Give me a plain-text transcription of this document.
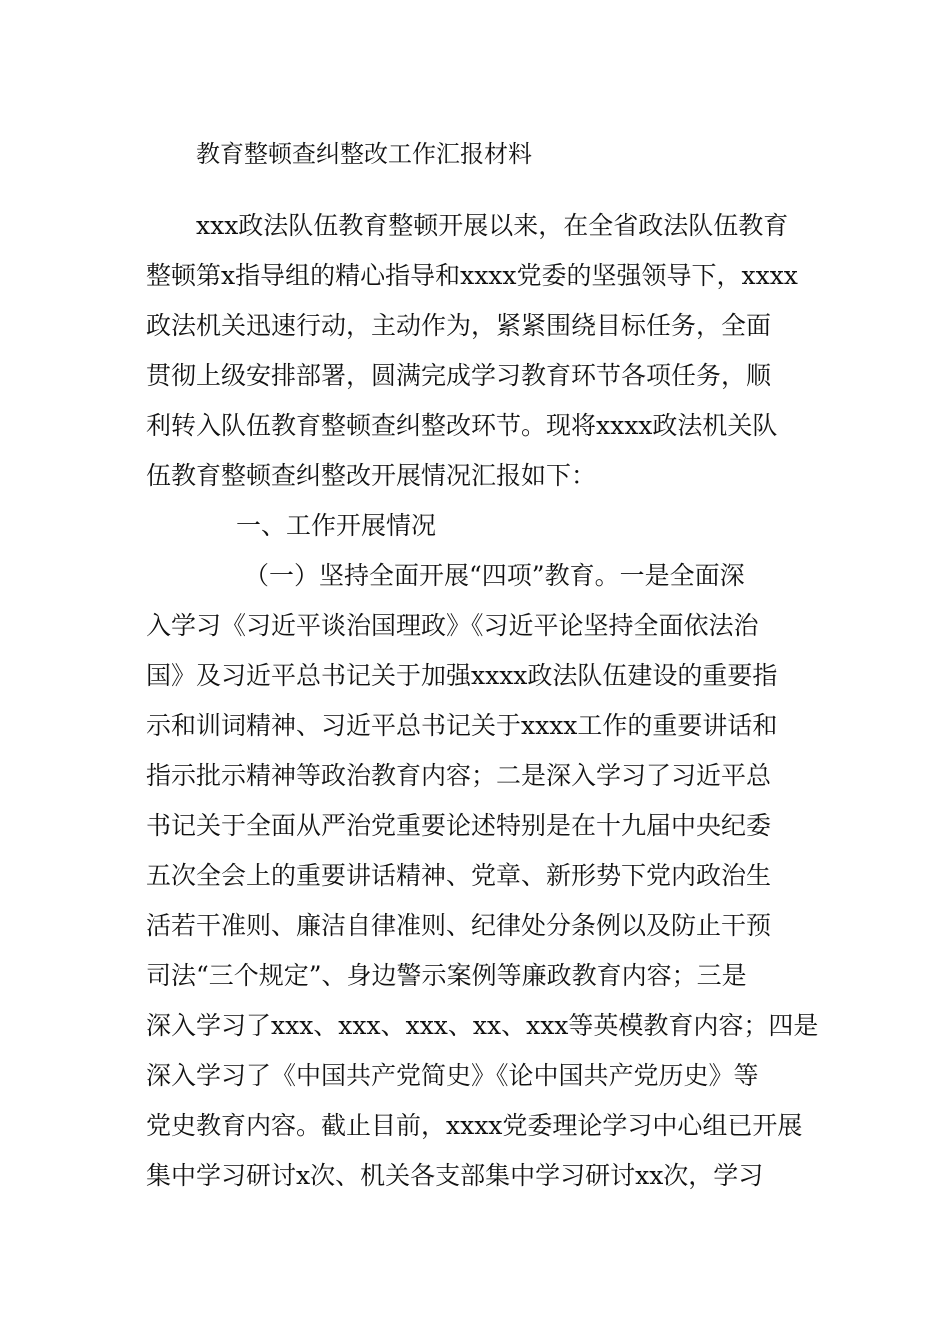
教育整顿查纠整改工作汇报材料
xxx政法队伍教育整顿开展以来，在全省政法队伍教育
整顿第x指导组的精心指导和xxxx党委的坚强领导下，xxxx
政法机关迅速行动，主动作为，紧紧围绕目标任务，全面
贯彻上级安排部署，圆满完成学习教育环节各项任务，顺
利转入队伍教育整顿查纠整改环节。现将xxxx政法机关队
伍教育整顿查纠整改开展情况汇报如下：
一、工作开展情况
（一）坚持全面开展“四项”教育。一是全面深
入学习《习近平谈治国理政》《习近平论坚持全面依法治
国》及习近平总书记关于加强xxxx政法队伍建设的重要指
示和训词精神、习近平总书记关于xxxx工作的重要讲话和
指示批示精神等政治教育内容；二是深入学习了习近平总
书记关于全面从严治党重要论述特别是在十九届中央纪委
五次全会上的重要讲话精神、党章、新形势下党内政治生
活若干准则、廉洁自律准则、纪律处分条例以及防止干预
司法“三个规定”、身边警示案例等廉政教育内容；三是
深入学习了xxx、xxx、xxx、xx、xxx等英模教育内容；四是
深入学习了《中国共产党简史》《论中国共产党历史》等
党史教育内容。截止目前，xxxx党委理论学习中心组已开展
集中学习研讨x次、机关各支部集中学习研讨xx次，学习
